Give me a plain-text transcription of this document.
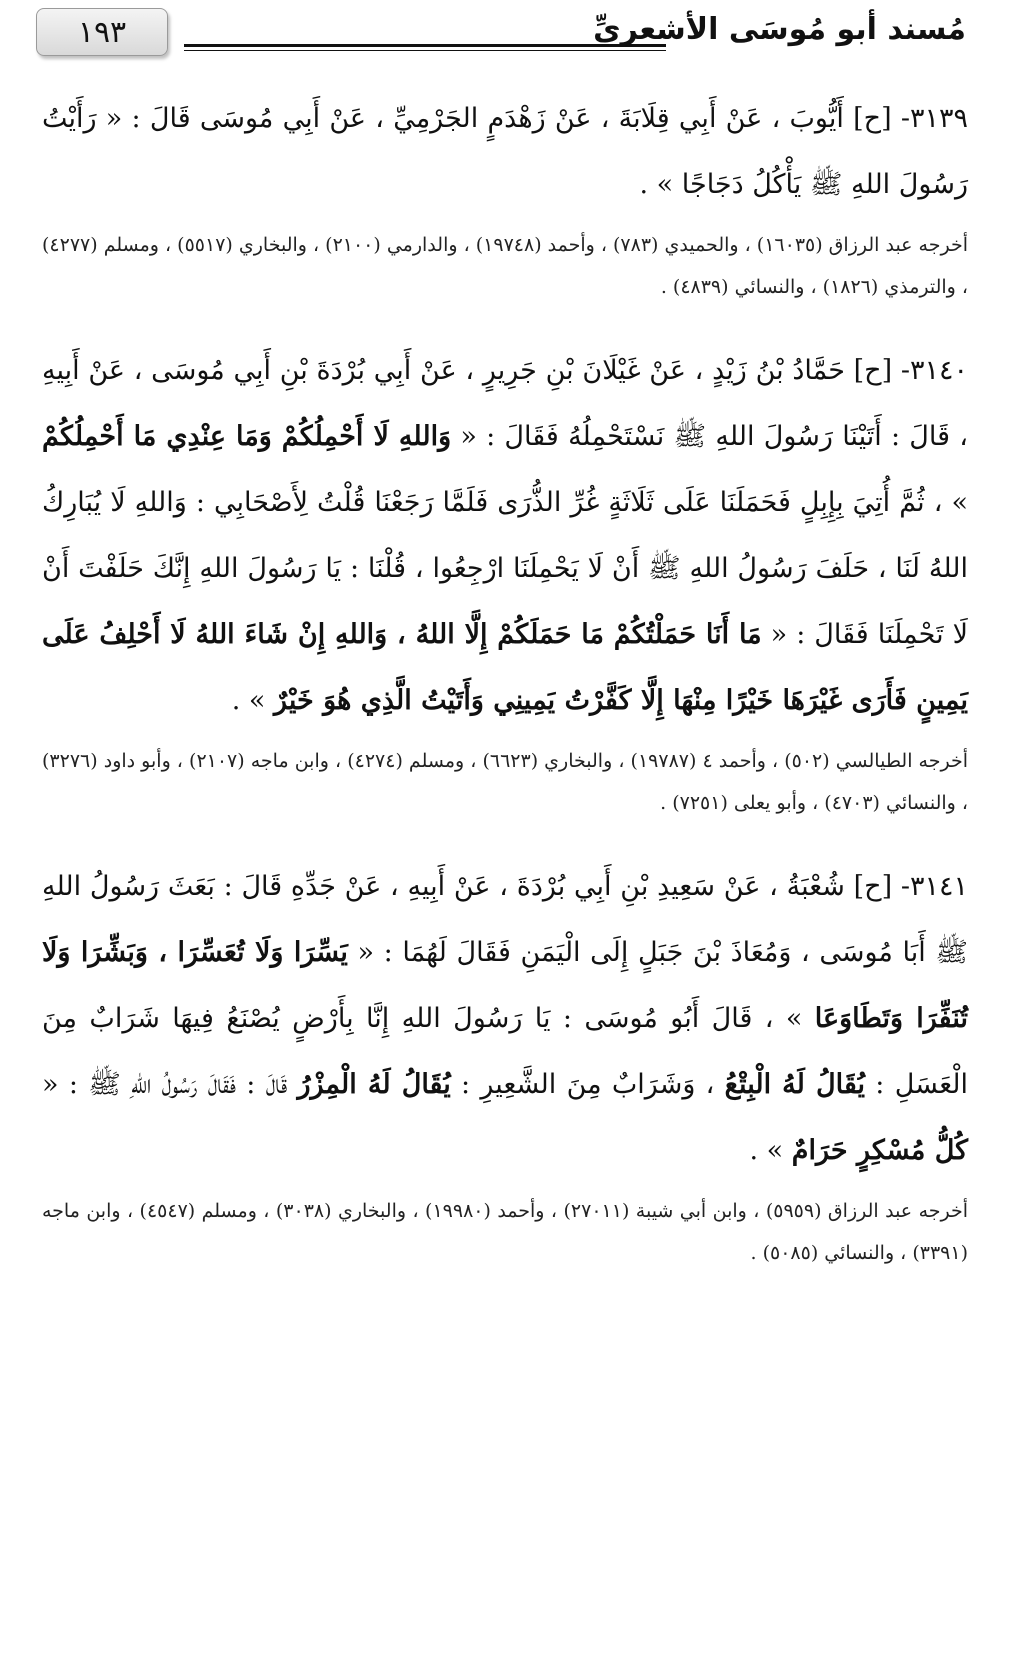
١٩٣	مُسند أبو مُوسَى الأشعريِّ

٣١٣٩- [ح] أَيُّوبَ ، عَنْ أَبِي قِلَابَةَ ، عَنْ زَهْدَمٍ الجَرْمِيِّ ، عَنْ أَبِي مُوسَى قَالَ : « رَأَيْتُ رَسُولَ اللهِ ﷺ يَأْكُلُ دَجَاجًا » .

أخرجه عبد الرزاق (١٦٠٣٥) ، والحميدي (٧٨٣) ، وأحمد (١٩٧٤٨) ، والدارمي (٢١٠٠) ، والبخاري (٥٥١٧) ، ومسلم (٤٢٧٧) ، والترمذي (١٨٢٦) ، والنسائي (٤٨٣٩) .

٣١٤٠- [ح] حَمَّادُ بْنُ زَيْدٍ ، عَنْ غَيْلَانَ بْنِ جَرِيرٍ ، عَنْ أَبِي بُرْدَةَ بْنِ أَبِي مُوسَى ، عَنْ أَبِيهِ ، قَالَ : أَتَيْنَا رَسُولَ اللهِ ﷺ نَسْتَحْمِلُهُ فَقَالَ : « وَاللهِ لَا أَحْمِلُكُمْ وَمَا عِنْدِي مَا أَحْمِلُكُمْ » ، ثُمَّ أُتِيَ بِإِبِلٍ فَحَمَلَنَا عَلَى ثَلَاثَةٍ غُرِّ الذُّرَى فَلَمَّا رَجَعْنَا قُلْتُ لِأَصْحَابِي : وَاللهِ لَا يُبَارِكُ اللهُ لَنَا ، حَلَفَ رَسُولُ اللهِ ﷺ أَنْ لَا يَحْمِلَنَا ارْجِعُوا ، قُلْنَا : يَا رَسُولَ اللهِ إِنَّكَ حَلَفْتَ أَنْ لَا تَحْمِلَنَا فَقَالَ : « مَا أَنَا حَمَلْتُكُمْ مَا حَمَلَكُمْ إِلَّا اللهُ ، وَاللهِ إِنْ شَاءَ اللهُ لَا أَحْلِفُ عَلَى يَمِينٍ فَأَرَى غَيْرَهَا خَيْرًا مِنْهَا إِلَّا كَفَّرْتُ يَمِينِي وَأَتَيْتُ الَّذِي هُوَ خَيْرٌ » .

أخرجه الطيالسي (٥٠٢) ، وأحمد ٤ (١٩٧٨٧) ، والبخاري (٦٦٢٣) ، ومسلم (٤٢٧٤) ، وابن ماجه (٢١٠٧) ، وأبو داود (٣٢٧٦) ، والنسائي (٤٧٠٣) ، وأبو يعلى (٧٢٥١) .

٣١٤١- [ح] شُعْبَةُ ، عَنْ سَعِيدِ بْنِ أَبِي بُرْدَةَ ، عَنْ أَبِيهِ ، عَنْ جَدِّهِ قَالَ : بَعَثَ رَسُولُ اللهِ ﷺ أَبَا مُوسَى ، وَمُعَاذَ بْنَ جَبَلٍ إِلَى الْيَمَنِ فَقَالَ لَهُمَا : « يَسِّرَا وَلَا تُعَسِّرَا ، وَبَشِّرَا وَلَا تُنَفِّرَا وَتَطَاوَعَا » ، قَالَ أَبُو مُوسَى : يَا رَسُولَ اللهِ إِنَّا بِأَرْضٍ يُصْنَعُ فِيهَا شَرَابٌ مِنَ الْعَسَلِ : يُقَالُ لَهُ الْبِتْعُ ، وَشَرَابٌ مِنَ الشَّعِيرِ : يُقَالُ لَهُ الْمِزْرُ قَالَ : فَقَالَ رَسُولُ اللهِ ﷺ : « كُلُّ مُسْكِرٍ حَرَامٌ » .

أخرجه عبد الرزاق (٥٩٥٩) ، وابن أبي شيبة (٢٧٠١١) ، وأحمد (١٩٩٨٠) ، والبخاري (٣٠٣٨) ، ومسلم (٤٥٤٧) ، وابن ماجه (٣٣٩١) ، والنسائي (٥٠٨٥) .
